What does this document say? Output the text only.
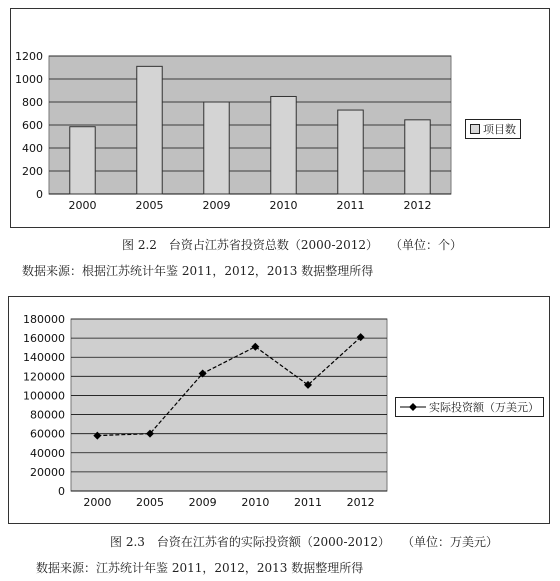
0
200
400
600
800
1000
1200
2000	2005	2009	2010	2011	2012
项目数
图 2.2　台资占江苏省投资总数（2000-2012）　　（单位：个）
数据来源：根据江苏统计年鉴 2011，2012，2013 数据整理所得
0
20000
40000
60000
80000
100000
120000
140000
160000
180000
2000 2005 2009 2010 2011 2012
实际投资额（万美元）
图 2.3　台资在江苏省的实际投资额（2000-2012）　　（单位：万美元）
数据来源：江苏统计年鉴 2011，2012，2013 数据整理所得
